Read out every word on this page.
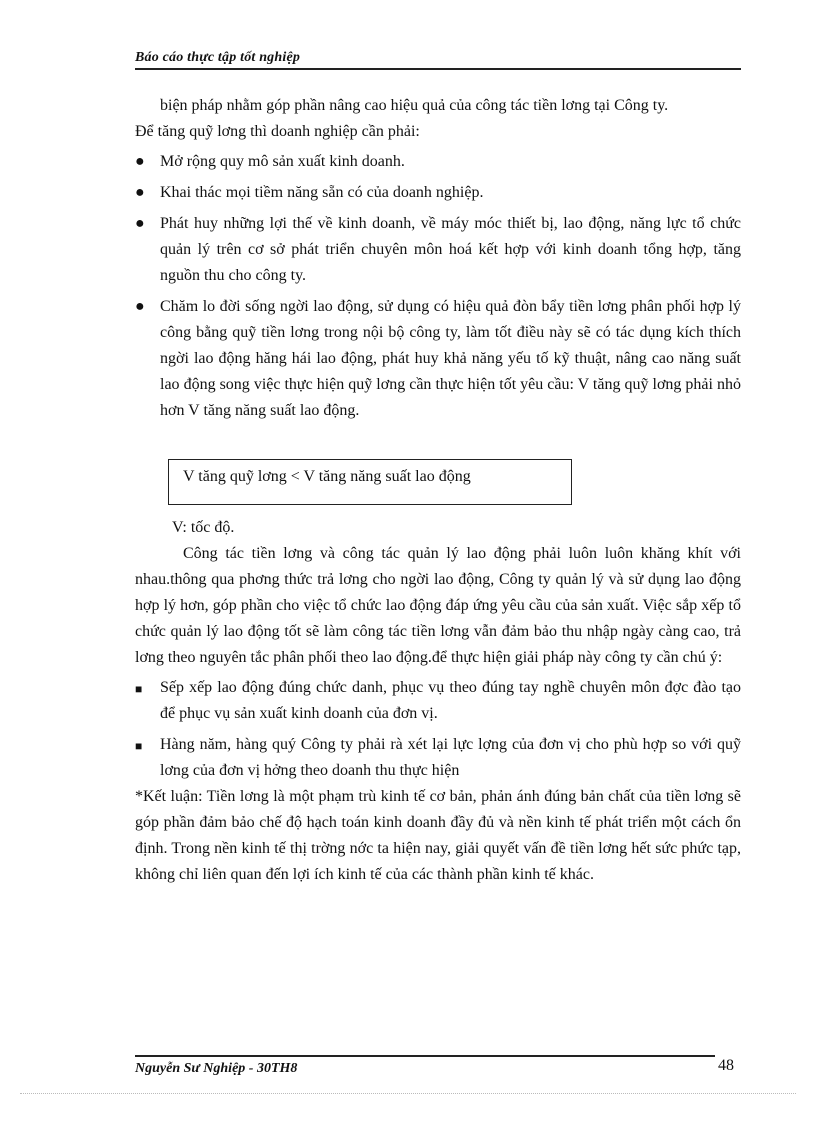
Báo cáo thực tập tốt nghiệp

biện pháp nhằm góp phần nâng cao hiệu quả của công tác tiền lơng tại Công ty.

Để tăng quỹ lơng thì doanh nghiệp cần phải:

● Mở rộng quy mô sản xuất kinh doanh.
● Khai thác mọi tiềm năng sẵn có của doanh nghiệp.
● Phát huy những lợi thế về kinh doanh, về máy móc thiết bị, lao động, năng lực tổ chức quản lý trên cơ sở phát triển chuyên môn hoá kết hợp với kinh doanh tổng hợp, tăng nguồn thu cho công ty.
● Chăm lo đời sống ngời lao động, sử dụng có hiệu quả đòn bẩy tiền lơng phân phối hợp lý công bằng quỹ tiền lơng trong nội bộ công ty, làm tốt điều này sẽ có tác dụng kích thích ngời lao động hăng hái lao động, phát huy khả năng yếu tố kỹ thuật, nâng cao năng suất lao động song việc thực hiện quỹ lơng cần thực hiện tốt yêu cầu: V tăng quỹ lơng phải nhỏ hơn V tăng năng suất lao động.
V tăng quỹ lơng < V tăng năng suất lao động

V: tốc độ.

Công tác tiền lơng và công tác quản lý lao động phải luôn luôn khăng khít với nhau.thông qua phơng thức trả lơng cho ngời lao động, Công ty quản lý và sử dụng lao động hợp lý hơn, góp phần cho việc tổ chức lao động đáp ứng yêu cầu của sản xuất. Việc sắp xếp tổ chức quản lý lao động tốt sẽ làm công tác tiền lơng vẫn đảm bảo thu nhập ngày càng cao, trả lơng theo nguyên tắc phân phối theo lao động.để thực hiện giải pháp này công ty cần chú ý:

■ Sếp xếp lao động đúng chức danh, phục vụ theo đúng tay nghề chuyên môn đợc đào tạo để phục vụ sản xuất kinh doanh của đơn vị.
■ Hàng năm, hàng quý Công ty phải rà xét lại lực lợng của đơn vị cho phù hợp so với quỹ lơng của đơn vị hởng theo doanh thu thực hiện

*Kết luận: Tiền lơng là một phạm trù kinh tế cơ bản, phản ánh đúng bản chất của tiền lơng sẽ góp phần đảm bảo chế độ hạch toán kinh doanh đầy đủ và nền kinh tế phát triển một cách ổn định. Trong nền kinh tế thị trờng nớc ta hiện nay, giải quyết vấn đề tiền lơng hết sức phức tạp, không chỉ liên quan đến lợi ích kinh tế của các thành phần kinh tế khác.

Nguyễn Sư Nghiệp - 30TH8	48
